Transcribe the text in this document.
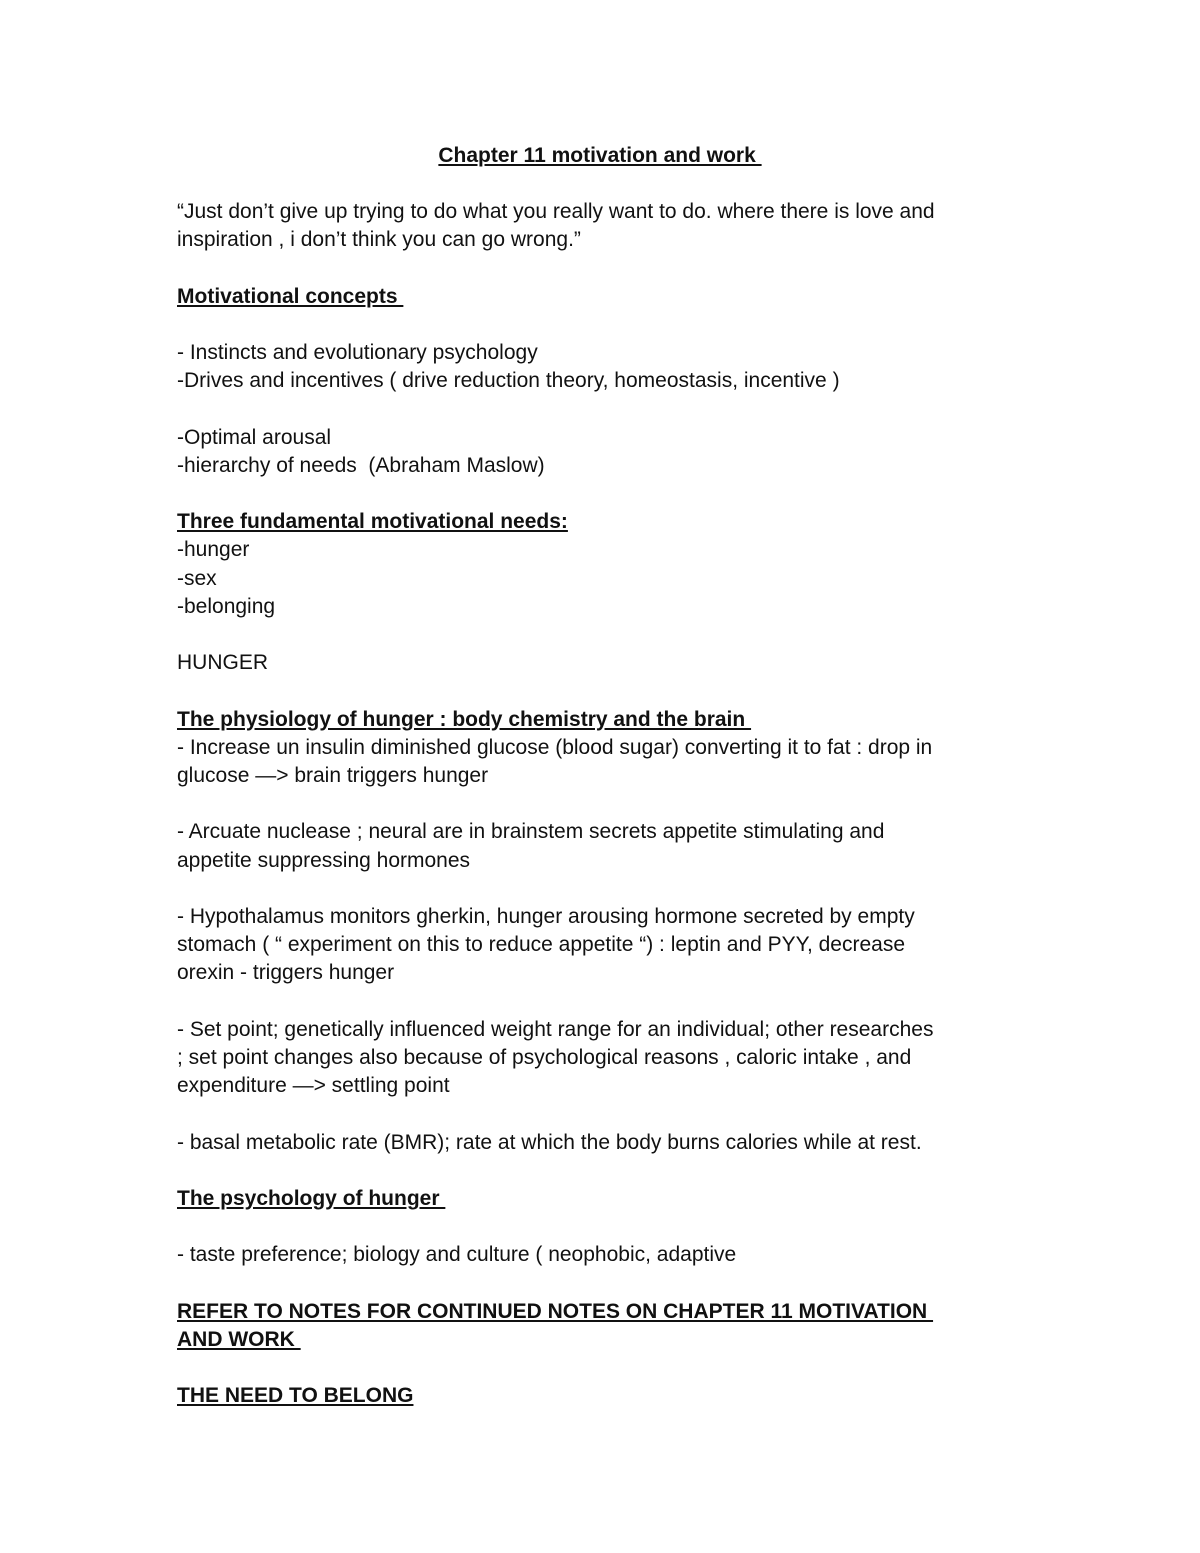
Chapter 11 motivation and work
“Just don’t give up trying to do what you really want to do. where there is love and
inspiration , i don’t think you can go wrong.”
Motivational concepts
- Instincts and evolutionary psychology
-Drives and incentives ( drive reduction theory, homeostasis, incentive )
-Optimal arousal
-hierarchy of needs  (Abraham Maslow)
Three fundamental motivational needs:
-hunger
-sex
-belonging
HUNGER
The physiology of hunger : body chemistry and the brain
- Increase un insulin diminished glucose (blood sugar) converting it to fat : drop in
glucose —> brain triggers hunger
- Arcuate nuclease ; neural are in brainstem secrets appetite stimulating and
appetite suppressing hormones
- Hypothalamus monitors gherkin, hunger arousing hormone secreted by empty
stomach ( “ experiment on this to reduce appetite “) : leptin and PYY, decrease
orexin - triggers hunger
- Set point; genetically influenced weight range for an individual; other researches
; set point changes also because of psychological reasons , caloric intake , and
expenditure —> settling point
- basal metabolic rate (BMR); rate at which the body burns calories while at rest.
The psychology of hunger
- taste preference; biology and culture ( neophobic, adaptive
REFER TO NOTES FOR CONTINUED NOTES ON CHAPTER 11 MOTIVATION
AND WORK
THE NEED TO BELONG
